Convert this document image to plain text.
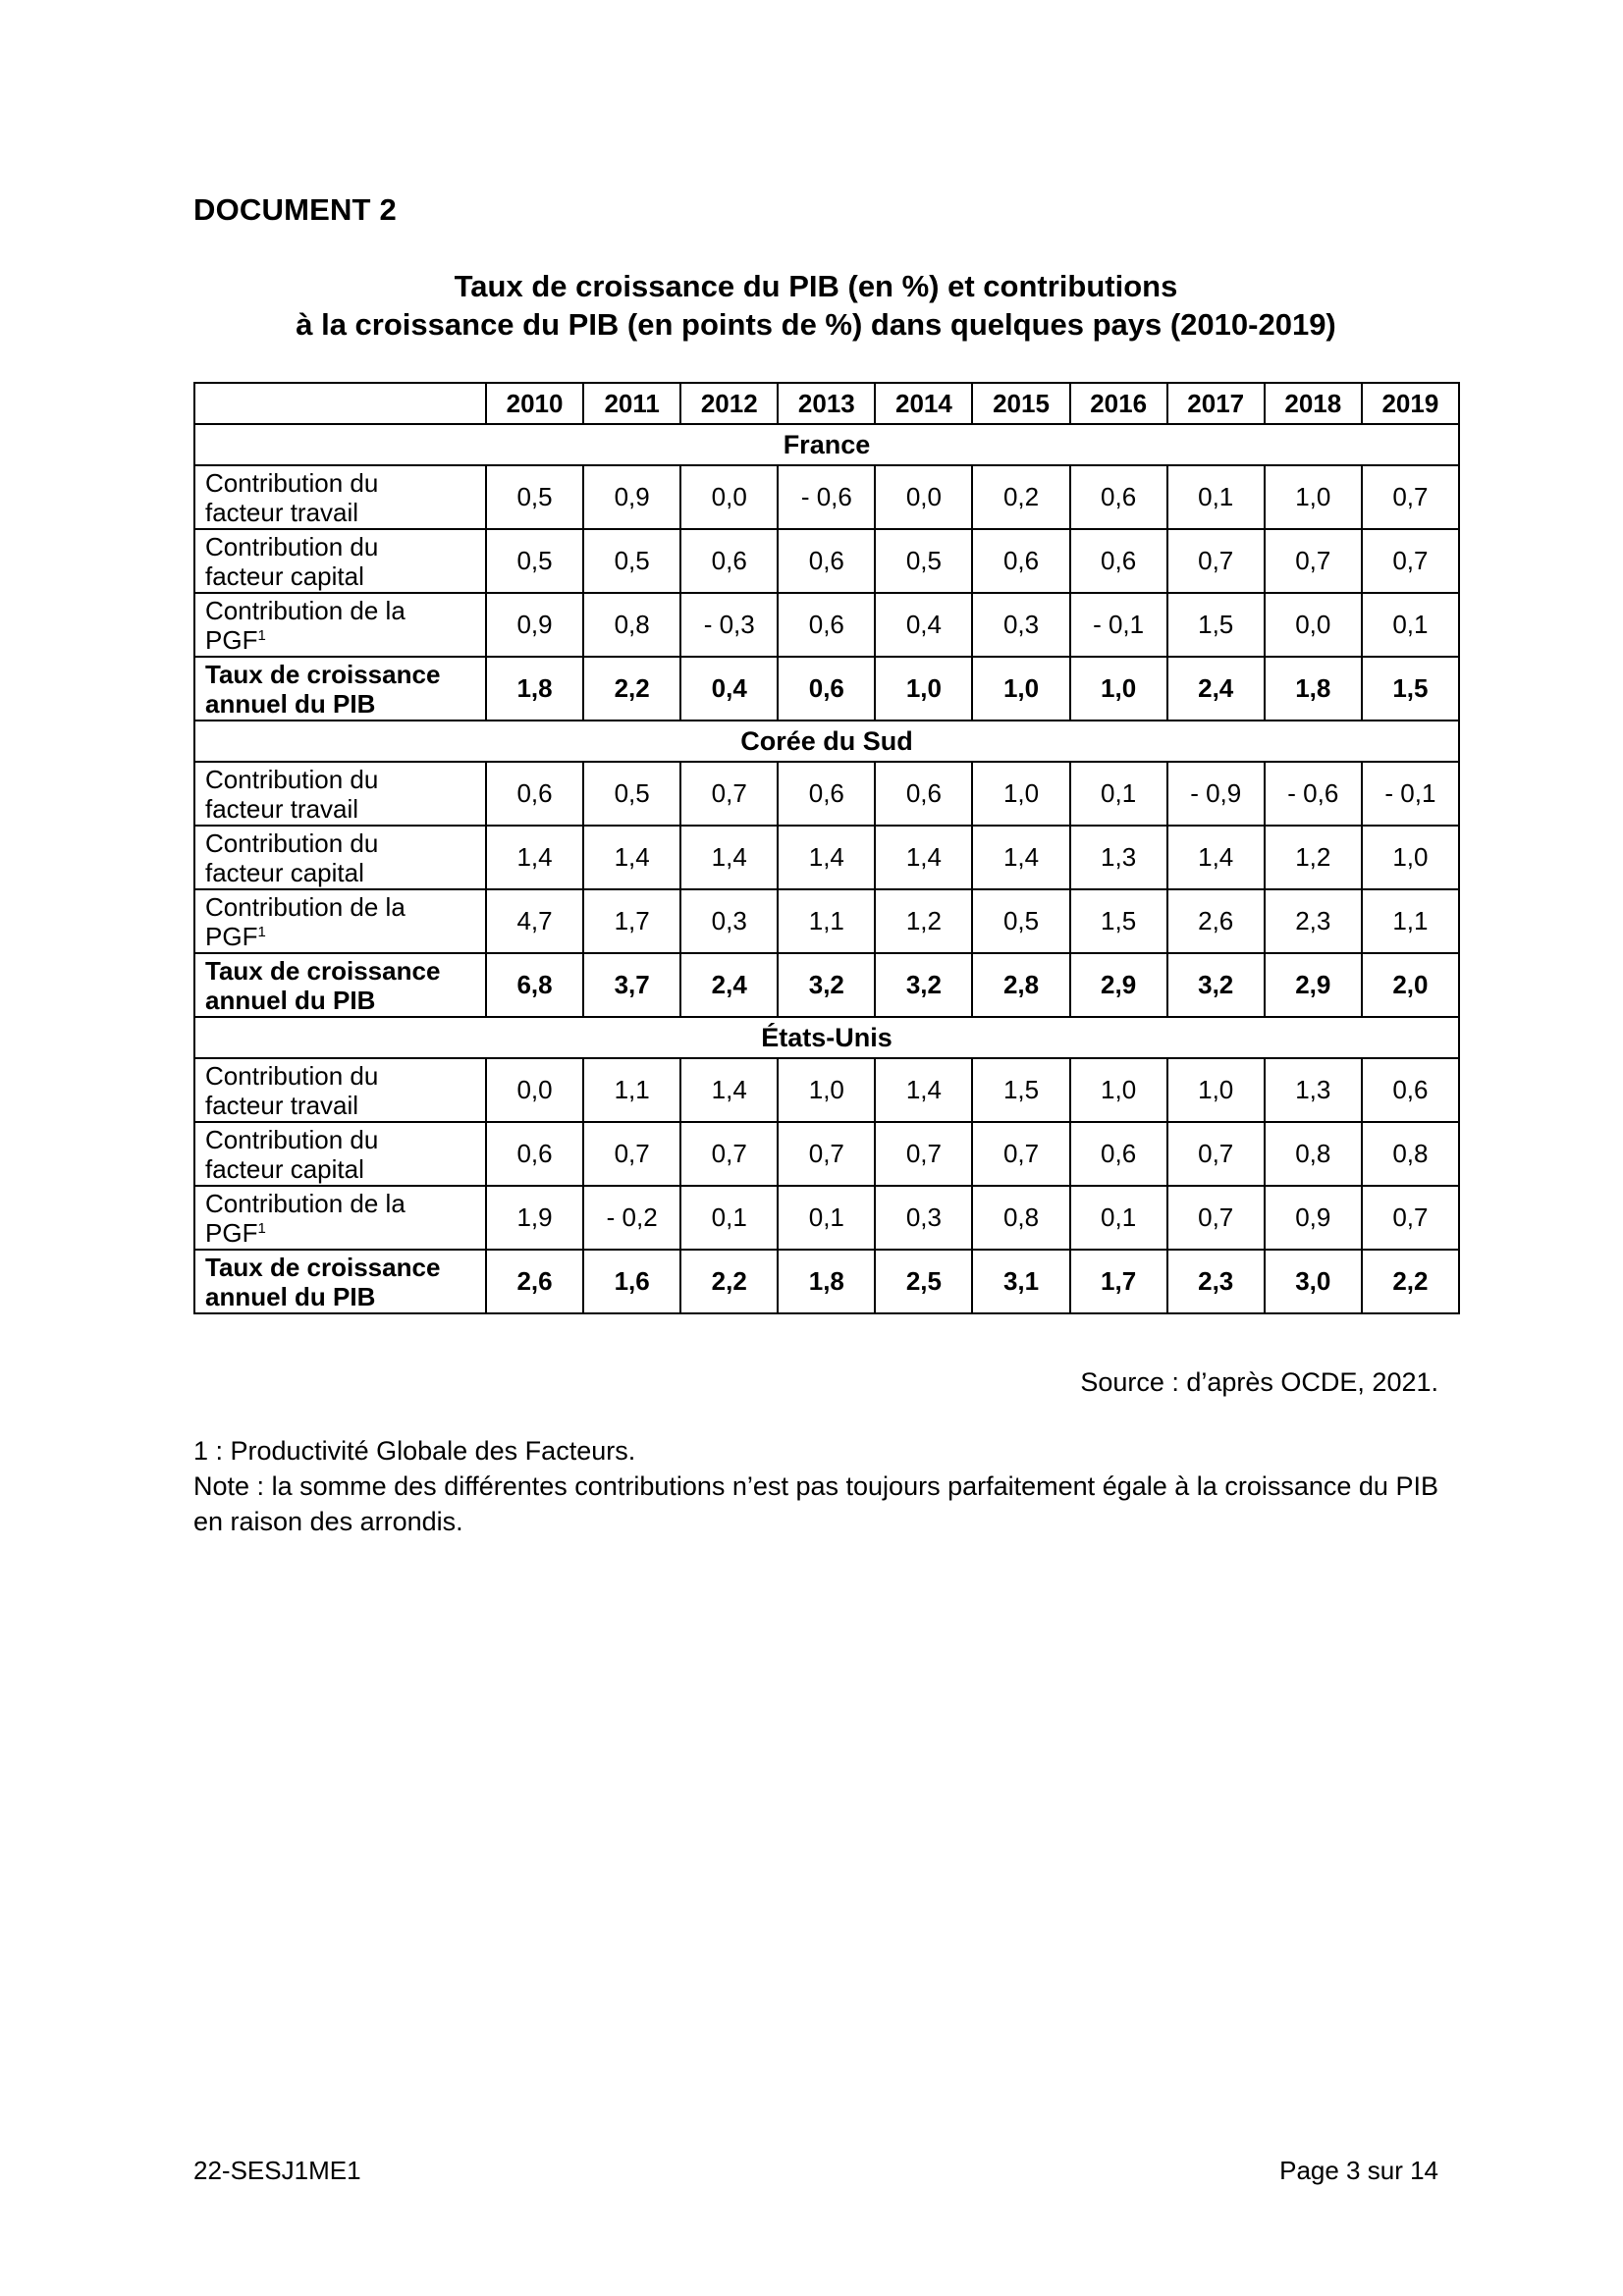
DOCUMENT 2
Taux de croissance du PIB (en %) et contributions
à la croissance du PIB (en points de %) dans quelques pays (2010-2019)
	2010	2011	2012	2013	2014	2015	2016	2017	2018	2019
France										

Contribution du
facteur travail	0,5	0,9	0,0	- 0,6	0,0	0,2	0,6	0,1	1,0	0,7

Contribution du
facteur capital	0,5	0,5	0,6	0,6	0,5	0,6	0,6	0,7	0,7	0,7

Contribution de la
PGF$^1$	0,9	0,8	- 0,3	0,6	0,4	0,3	- 0,1	1,5	0,0	0,1

Taux de croissance
annuel du PIB	1,8	2,2	0,4	0,6	1,0	1,0	1,0	2,4	1,8	1,5
Corée du Sud										

Contribution du
facteur travail	0,6	0,5	0,7	0,6	0,6	1,0	0,1	- 0,9	- 0,6	- 0,1

Contribution du
facteur capital	1,4	1,4	1,4	1,4	1,4	1,4	1,3	1,4	1,2	1,0

Contribution de la
PGF$^1$	4,7	1,7	0,3	1,1	1,2	0,5	1,5	2,6	2,3	1,1

Taux de croissance
annuel du PIB	6,8	3,7	2,4	3,2	3,2	2,8	2,9	3,2	2,9	2,0
États-Unis										

Contribution du
facteur travail	0,0	1,1	1,4	1,0	1,4	1,5	1,0	1,0	1,3	0,6

Contribution du
facteur capital	0,6	0,7	0,7	0,7	0,7	0,7	0,6	0,7	0,8	0,8

Contribution de la
PGF$^1$	1,9	- 0,2	0,1	0,1	0,3	0,8	0,1	0,7	0,9	0,7

Taux de croissance
annuel du PIB	2,6	1,6	2,2	1,8	2,5	3,1	1,7	2,3	3,0	2,2
Source : d’après OCDE, 2021.
1 : Productivité Globale des Facteurs.
Note : la somme des différentes contributions n’est pas toujours parfaitement égale à la croissance du PIB en raison des arrondis.
22-SESJ1ME1	Page 3 sur 14
